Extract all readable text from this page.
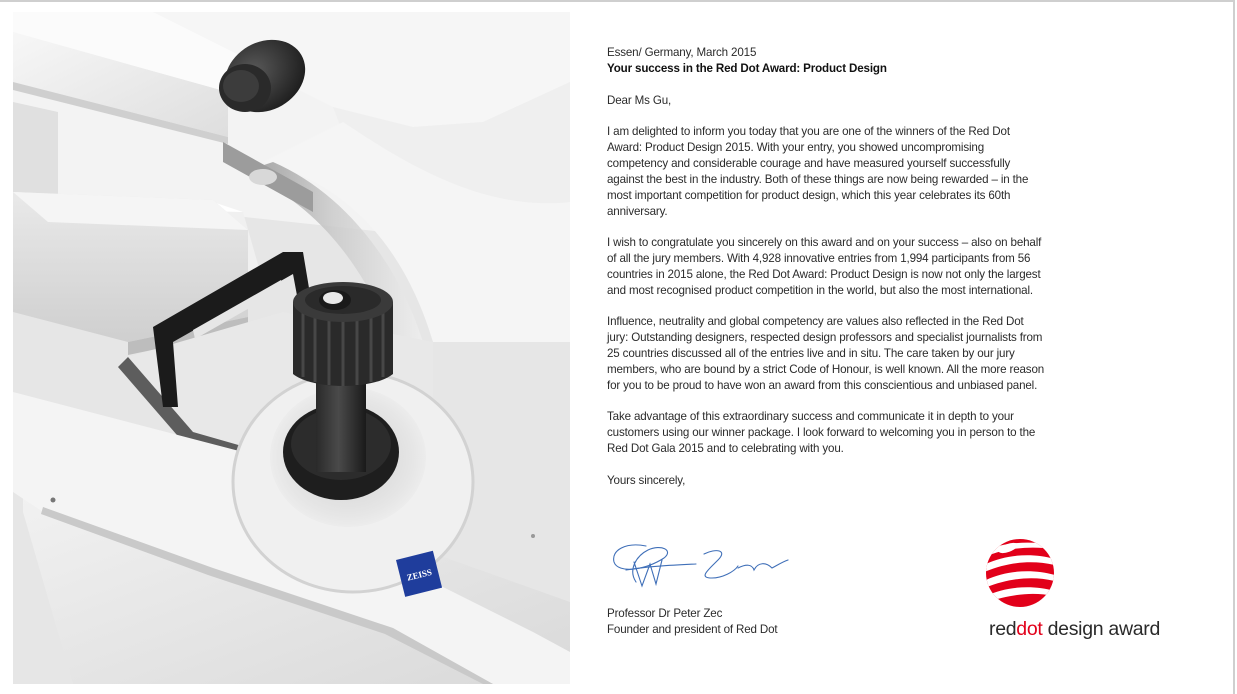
ZEISS
Essen/ Germany, March 2015
Your success in the Red Dot Award: Product Design
Dear Ms Gu,

I am delighted to inform you today that you are one of the winners of the Red Dot Award: Product Design 2015. With your entry, you showed uncompromising competency and considerable courage and have measured yourself successfully against the best in the industry. Both of these things are now being rewarded – in the most important competition for product design, which this year celebrates its 60th anniversary.

I wish to congratulate you sincerely on this award and on your success – also on behalf of all the jury members. With 4,928 innovative entries from 1,994 participants from 56 countries in 2015 alone, the Red Dot Award: Product Design is now not only the largest and most recognised product competition in the world, but also the most international.

Influence, neutrality and global competency are values also reflected in the Red Dot jury: Outstanding designers, respected design professors and specialist journalists from 25 countries discussed all of the entries live and in situ. The care taken by our jury members, who are bound by a strict Code of Honour, is well known. All the more reason for you to be proud to have won an award from this conscientious and unbiased panel.

Take advantage of this extraordinary success and communicate it in depth to your customers using our winner package. I look forward to welcoming you in person to the Red Dot Gala 2015 and to celebrating with you.

Yours sincerely,
Professor Dr Peter Zec
Founder and president of Red Dot	reddot design award
